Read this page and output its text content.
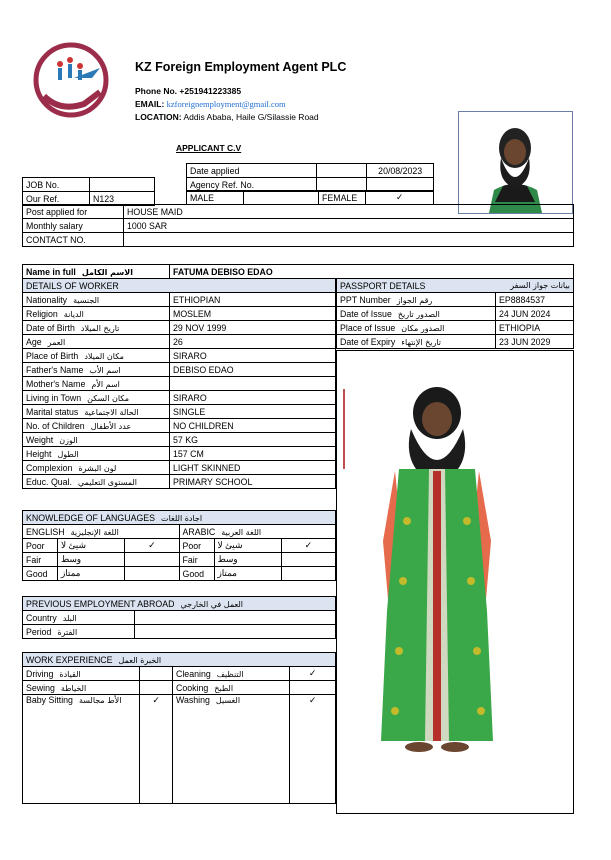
KZ Foreign Employment Agent PLC
Phone No. +251941223385
EMAIL: kzforeignemployment@gmail.com
LOCATION: Addis Ababa, Haile G/Silassie Road
APPLICANT C.V
Date applied		20/08/2023
Agency Ref. No.		
JOB No.	
Our Ref.	N123	MALE		FEMALE	✓
Post applied for	HOUSE MAID
Monthly salary	1000 SAR
CONTACT NO.	
Name in full الاسم الكامل	FATUMA DEBISO EDAO
DETAILS OF WORKER	
Nationality الجنسية	ETHIOPIAN
Religion الديانة	MOSLEM
Date of Birth تاريخ الميلاد	29 NOV 1999
Age العمر	26
Place of Birth مكان الميلاد	SIRARO
Father's Name اسم الأب	DEBISO EDAO
Mother's Name اسم الأم	
Living in Town مكان السكن	SIRARO
Marital status الحالة الاجتماعية	SINGLE
No. of Children عدد الأطفال	NO CHILDREN
Weight الوزن	57 KG
Height الطول	157 CM
Complexion لون البشرة	LIGHT SKINNED
Educ. Qual. المستوى التعليمي	PRIMARY SCHOOL
PASSPORT DETAILS بيانات جواز السفر	

PPT Number رقم الجواز	EP8884537
Date of Issue الصدور تاريخ	24 JUN 2024
Place of Issue الصدور مكان	ETHIOPIA
Date of Expiry تاريخ الإنتهاء	23 JUN 2029
KNOWLEDGE OF LANGUAGES اجادة اللغات					
ENGLISH اللغة الإنجليزية			ARABIC اللغة العربية		
Poor	شيئ لا	✓	Poor	شيئ لا	✓
Fair	وسط		Fair	وسط	
Good	ممتاز		Good	ممتاز	
PREVIOUS EMPLOYMENT ABROAD العمل في الخارجي	
Country البلد	
Period الفترة	

WORK EXPERIENCE الخبرة العمل			
Driving القيادة		Cleaning التنظيف	✓
Sewing الخياطة		Cooking الطبخ	
Baby Sitting الأط مجالسة	✓	Washing الغسيل	✓
